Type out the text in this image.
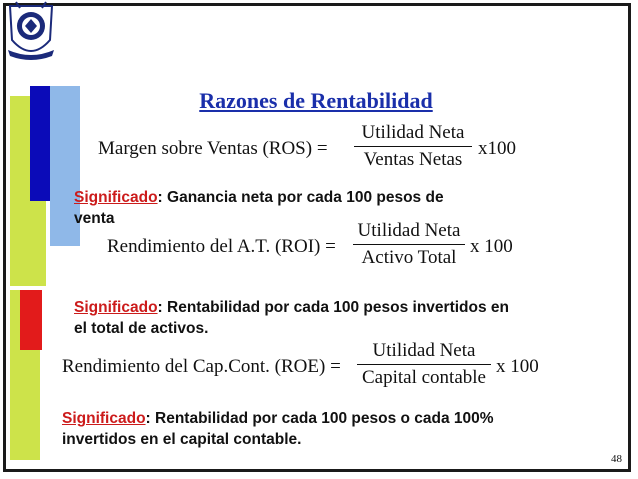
Razones de Rentabilidad
Margen sobre Ventas (ROS) =
Utilidad Neta
Ventas Netas
x100
Significado: Ganancia neta por cada 100 pesos de
venta
Rendimiento del A.T. (ROI) =
Utilidad Neta
Activo Total
x 100
Significado: Rentabilidad por cada 100 pesos invertidos en
el total de activos.
Rendimiento del Cap.Cont. (ROE) =
Utilidad Neta
Capital contable
x 100
Significado: Rentabilidad por cada 100 pesos o cada 100%
invertidos en el capital contable.
48
